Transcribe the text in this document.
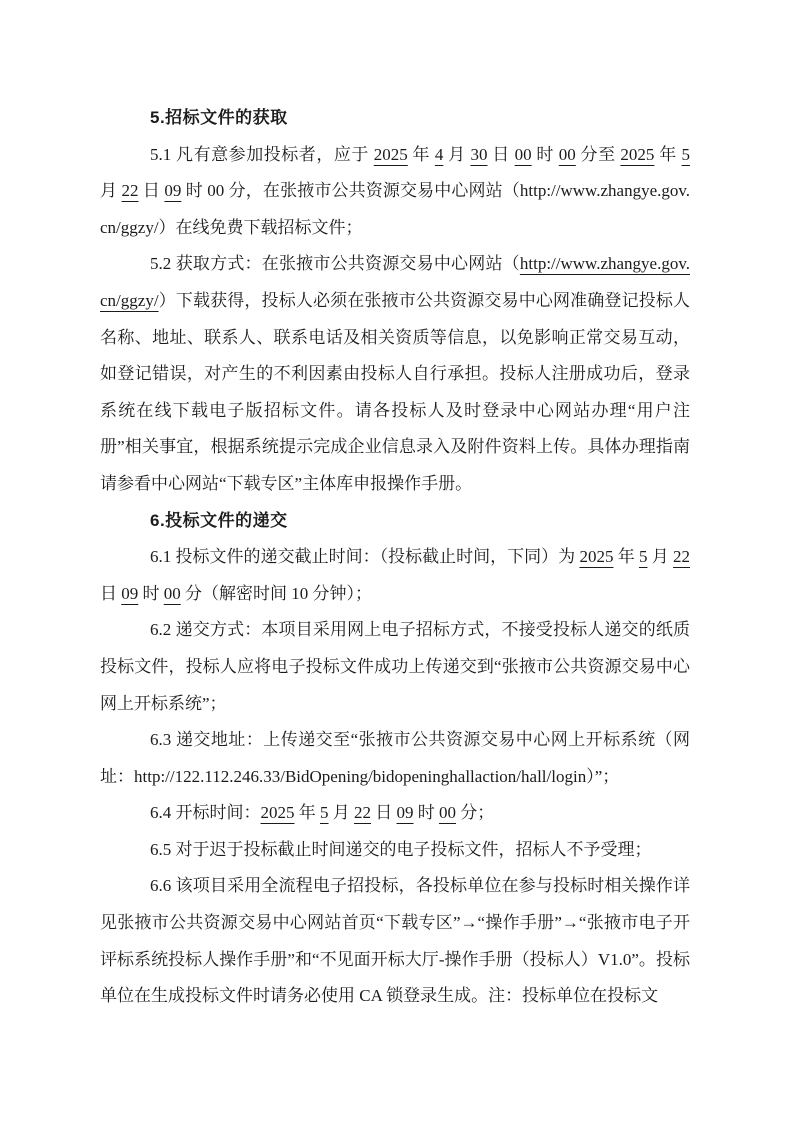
5.招标文件的获取
5.1 凡有意参加投标者，应于 2025 年 4 月 30 日 00 时 00 分至 2025 年 5 月 22 日 09 时 00 分，在张掖市公共资源交易中心网站（http://www.zhangye.gov.cn/ggzy/）在线免费下载招标文件；
5.2 获取方式：在张掖市公共资源交易中心网站（http://www.zhangye.gov.cn/ggzy/）下载获得，投标人必须在张掖市公共资源交易中心网准确登记投标人名称、地址、联系人、联系电话及相关资质等信息，以免影响正常交易互动，如登记错误，对产生的不利因素由投标人自行承担。投标人注册成功后，登录系统在线下载电子版招标文件。请各投标人及时登录中心网站办理“用户注册”相关事宜，根据系统提示完成企业信息录入及附件资料上传。具体办理指南请参看中心网站“下载专区”主体库申报操作手册。
6.投标文件的递交
6.1 投标文件的递交截止时间：（投标截止时间，下同）为 2025 年 5 月 22 日 09 时 00 分（解密时间 10 分钟）；
6.2 递交方式：本项目采用网上电子招标方式，不接受投标人递交的纸质投标文件，投标人应将电子投标文件成功上传递交到“张掖市公共资源交易中心网上开标系统”；
6.3 递交地址：上传递交至“张掖市公共资源交易中心网上开标系统（网址：http://122.112.246.33/BidOpening/bidopeninghallaction/hall/login）”；
6.4 开标时间：2025 年 5 月 22 日 09 时 00 分；
6.5 对于迟于投标截止时间递交的电子投标文件，招标人不予受理；
6.6 该项目采用全流程电子招投标，各投标单位在参与投标时相关操作详见张掖市公共资源交易中心网站首页“下载专区”→“操作手册”→“张掖市电子开评标系统投标人操作手册”和“不见面开标大厅-操作手册（投标人）V1.0”。投标单位在生成投标文件时请务必使用 CA 锁登录生成。注：投标单位在投标文
